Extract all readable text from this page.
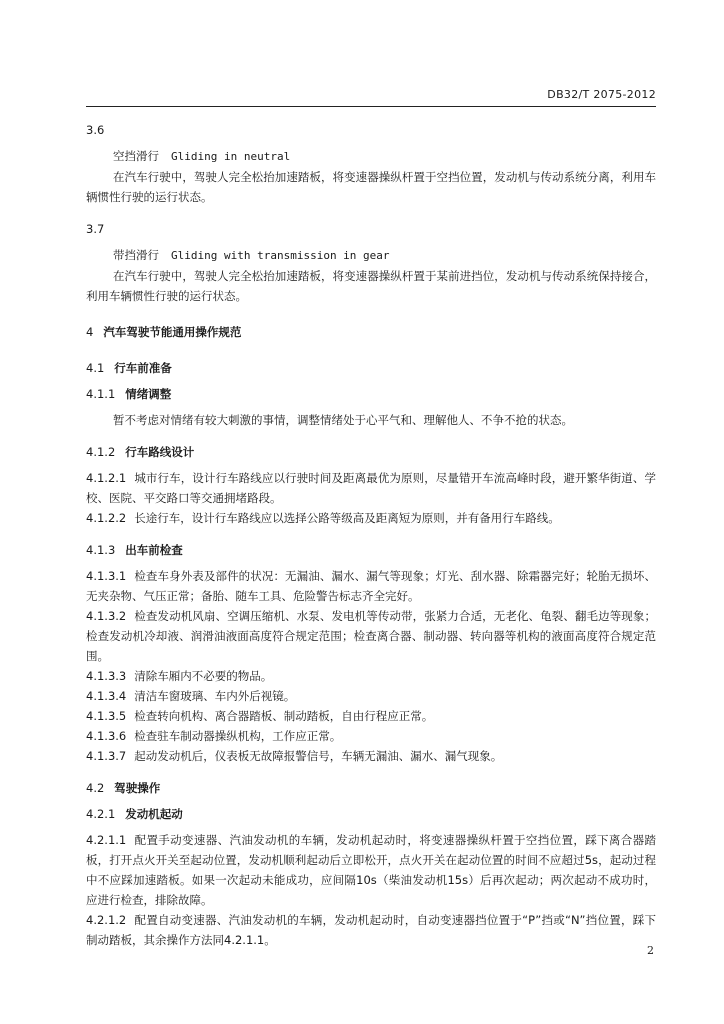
DB32/T 2075-2012

3.6

空挡滑行 Gliding in neutral

在汽车行驶中，驾驶人完全松抬加速踏板，将变速器操纵杆置于空挡位置，发动机与传动系统分离，利用车辆惯性行驶的运行状态。

3.7

带挡滑行 Gliding with transmission in gear

在汽车行驶中，驾驶人完全松抬加速踏板，将变速器操纵杆置于某前进挡位，发动机与传动系统保持接合，利用车辆惯性行驶的运行状态。

4 汽车驾驶节能通用操作规范

4.1 行车前准备

4.1.1 情绪调整

暂不考虑对情绪有较大刺激的事情，调整情绪处于心平气和、理解他人、不争不抢的状态。

4.1.2 行车路线设计

4.1.2.1 城市行车，设计行车路线应以行驶时间及距离最优为原则，尽量错开车流高峰时段，避开繁华街道、学校、医院、平交路口等交通拥堵路段。

4.1.2.2 长途行车，设计行车路线应以选择公路等级高及距离短为原则，并有备用行车路线。

4.1.3 出车前检查

4.1.3.1 检查车身外表及部件的状况：无漏油、漏水、漏气等现象；灯光、刮水器、除霜器完好；轮胎无损坏、无夹杂物、气压正常；备胎、随车工具、危险警告标志齐全完好。

4.1.3.2 检查发动机风扇、空调压缩机、水泵、发电机等传动带，张紧力合适，无老化、龟裂、翻毛边等现象；检查发动机冷却液、润滑油液面高度符合规定范围；检查离合器、制动器、转向器等机构的液面高度符合规定范围。

4.1.3.3 清除车厢内不必要的物品。

4.1.3.4 清洁车窗玻璃、车内外后视镜。

4.1.3.5 检查转向机构、离合器踏板、制动踏板，自由行程应正常。

4.1.3.6 检查驻车制动器操纵机构，工作应正常。

4.1.3.7 起动发动机后，仪表板无故障报警信号，车辆无漏油、漏水、漏气现象。

4.2 驾驶操作

4.2.1 发动机起动

4.2.1.1 配置手动变速器、汽油发动机的车辆，发动机起动时，将变速器操纵杆置于空挡位置，踩下离合器踏板，打开点火开关至起动位置，发动机顺利起动后立即松开，点火开关在起动位置的时间不应超过5s，起动过程中不应踩加速踏板。如果一次起动未能成功，应间隔10s（柴油发动机15s）后再次起动；两次起动不成功时，应进行检查，排除故障。

4.2.1.2 配置自动变速器、汽油发动机的车辆，发动机起动时，自动变速器挡位置于“P”挡或“N”挡位置，踩下制动踏板，其余操作方法同4.2.1.1。

2
